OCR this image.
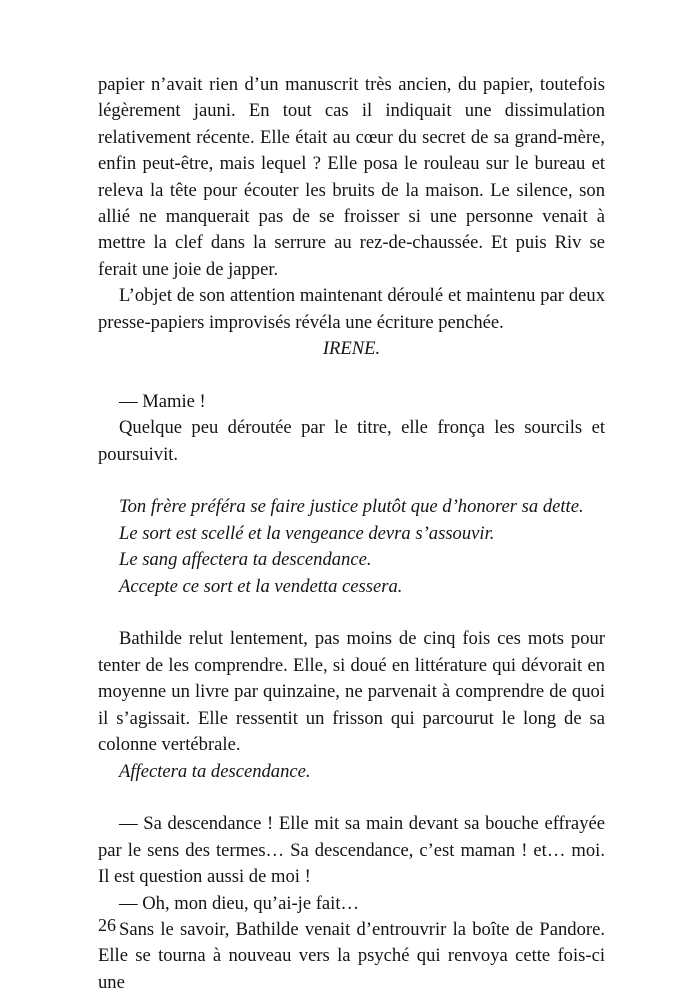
papier n’avait rien d’un manuscrit très ancien, du papier, toutefois légèrement jauni. En tout cas il indiquait une dissimulation relativement récente. Elle était au cœur du secret de sa grand-mère, enfin peut-être, mais lequel ? Elle posa le rouleau sur le bureau et releva la tête pour écouter les bruits de la maison. Le silence, son allié ne manquerait pas de se froisser si une personne venait à mettre la clef dans la serrure au rez-de-chaussée. Et puis Riv se ferait une joie de japper.

L’objet de son attention maintenant déroulé et maintenu par deux presse-papiers improvisés révéla une écriture penchée.

IRENE.

— Mamie !

Quelque peu déroutée par le titre, elle fronça les sourcils et poursuivit.

Ton frère préféra se faire justice plutôt que d’honorer sa dette.

Le sort est scellé et la vengeance devra s’assouvir.

Le sang affectera ta descendance.

Accepte ce sort et la vendetta cessera.

Bathilde relut lentement, pas moins de cinq fois ces mots pour tenter de les comprendre. Elle, si doué en littérature qui dévorait en moyenne un livre par quinzaine, ne parvenait à comprendre de quoi il s’agissait. Elle ressentit un frisson qui parcourut le long de sa colonne vertébrale.

Affectera ta descendance.

— Sa descendance ! Elle mit sa main devant sa bouche effrayée par le sens des termes… Sa descendance, c’est maman ! et… moi. Il est question aussi de moi !

— Oh, mon dieu, qu’ai-je fait…

Sans le savoir, Bathilde venait d’entrouvrir la boîte de Pandore. Elle se tourna à nouveau vers la psyché qui renvoya cette fois-ci une

26
